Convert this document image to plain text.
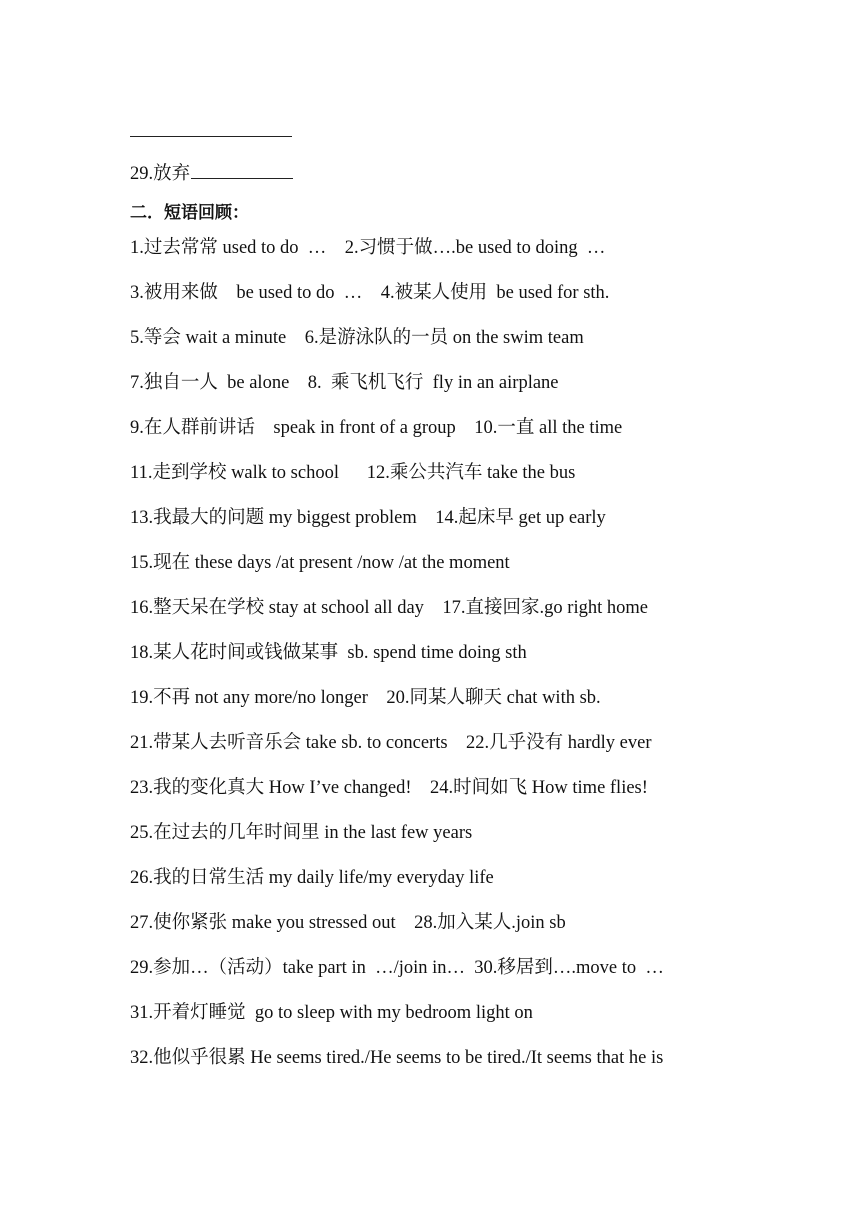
29.放弃
二．短语回顾：
1.过去常常 used to do  …    2.习惯于做….be used to doing  …
3.被用来做    be used to do  …    4.被某人使用  be used for sth.
5.等会 wait a minute    6.是游泳队的一员 on the swim team
7.独自一人  be alone    8.  乘飞机飞行  fly in an airplane
9.在人群前讲话    speak in front of a group    10.一直 all the time
11.走到学校 walk to school      12.乘公共汽车 take the bus
13.我最大的问题 my biggest problem    14.起床早 get up early
15.现在 these days /at present /now /at the moment
16.整天呆在学校 stay at school all day    17.直接回家.go right home
18.某人花时间或钱做某事  sb. spend time doing sth
19.不再 not any more/no longer    20.同某人聊天 chat with sb.
21.带某人去听音乐会 take sb. to concerts    22.几乎没有 hardly ever
23.我的变化真大 How I’ve changed!    24.时间如飞 How time flies!
25.在过去的几年时间里 in the last few years
26.我的日常生活 my daily life/my everyday life
27.使你紧张 make you stressed out    28.加入某人.join sb
29.参加…（活动）take part in  …/join in…  30.移居到….move to  …
31.开着灯睡觉  go to sleep with my bedroom light on
32.他似乎很累 He seems tired./He seems to be tired./It seems that he is
